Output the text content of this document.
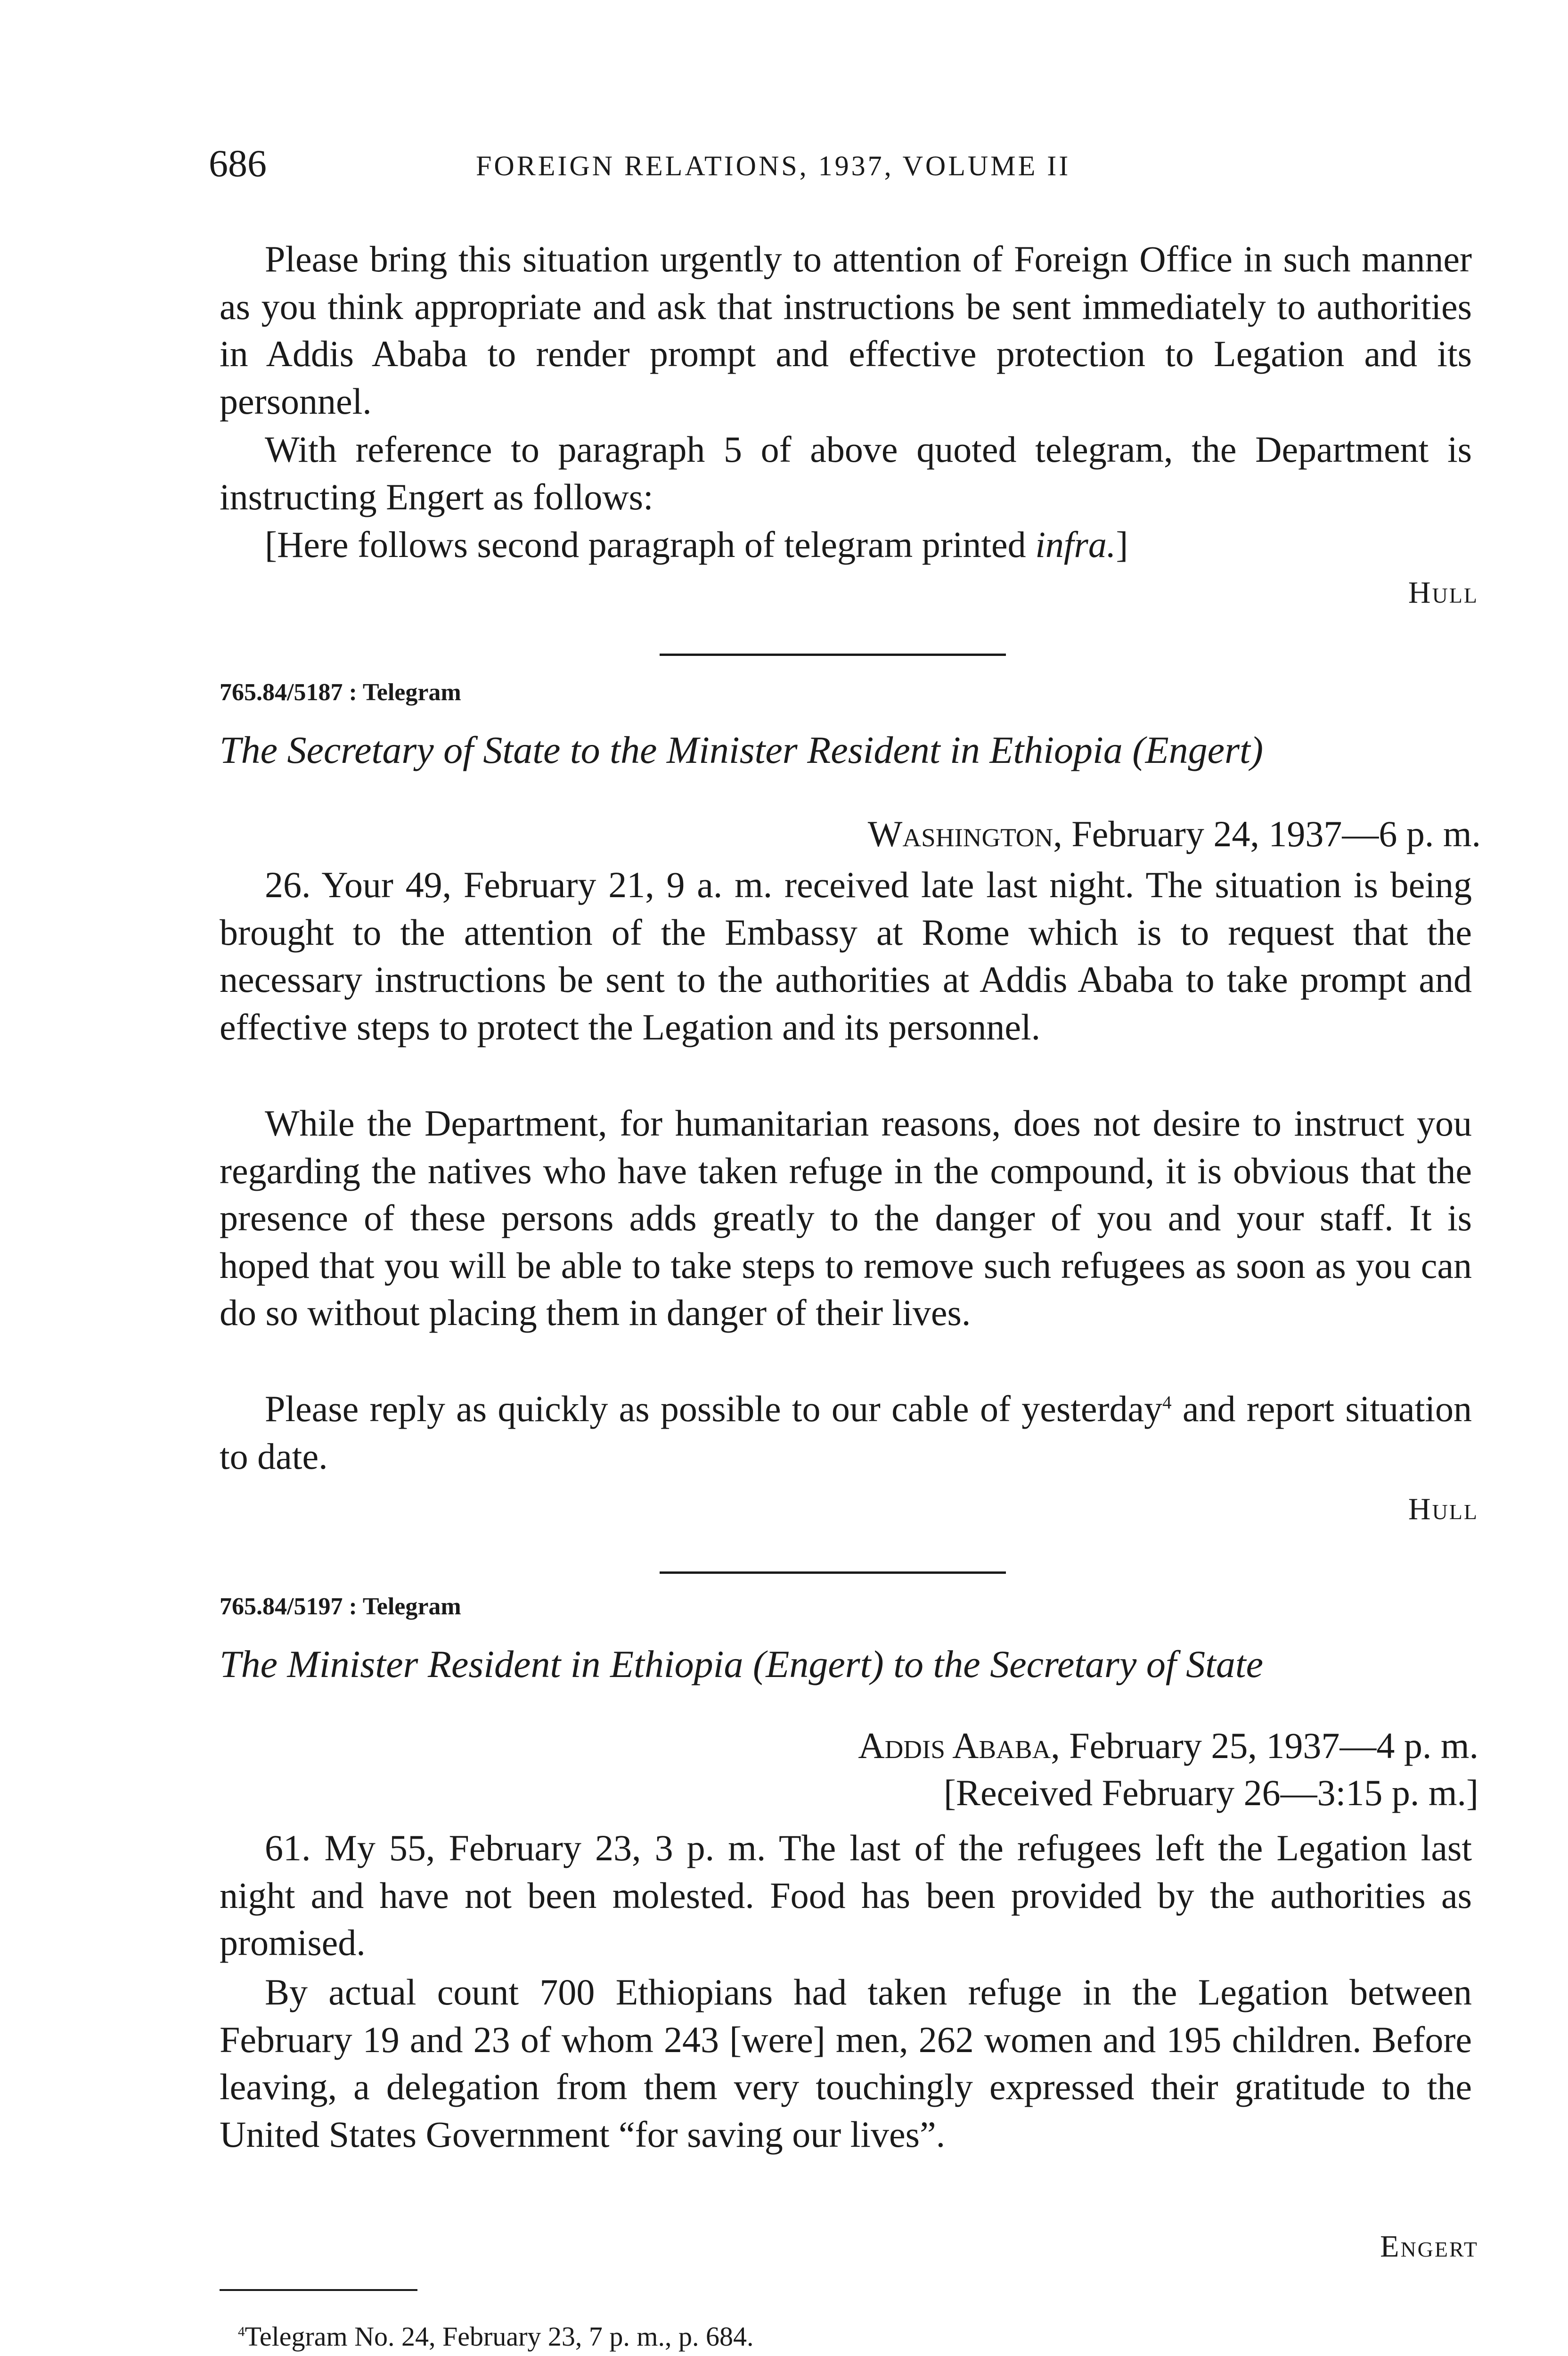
686	FOREIGN RELATIONS, 1937, VOLUME II
Please bring this situation urgently to attention of Foreign Office in such manner as you think appropriate and ask that instructions be sent immediately to authorities in Addis Ababa to render prompt and effective protection to Legation and its personnel.
With reference to paragraph 5 of above quoted telegram, the Department is instructing Engert as follows:
[Here follows second paragraph of telegram printed infra.]
Hull
765.84/5187 : Telegram
The Secretary of State to the Minister Resident in Ethiopia (Engert)
Washington, February 24, 1937—6 p. m.
26. Your 49, February 21, 9 a. m. received late last night. The situation is being brought to the attention of the Embassy at Rome which is to request that the necessary instructions be sent to the authorities at Addis Ababa to take prompt and effective steps to protect the Legation and its personnel.
While the Department, for humanitarian reasons, does not desire to instruct you regarding the natives who have taken refuge in the compound, it is obvious that the presence of these persons adds greatly to the danger of you and your staff. It is hoped that you will be able to take steps to remove such refugees as soon as you can do so without placing them in danger of their lives.
Please reply as quickly as possible to our cable of yesterday$^4$ and report situation to date.
Hull
765.84/5197 : Telegram
The Minister Resident in Ethiopia (Engert) to the Secretary of State
Addis Ababa, February 25, 1937—4 p. m.
[Received February 26—3:15 p. m.]
61. My 55, February 23, 3 p. m. The last of the refugees left the Legation last night and have not been molested. Food has been provided by the authorities as promised.
By actual count 700 Ethiopians had taken refuge in the Legation between February 19 and 23 of whom 243 [were] men, 262 women and 195 children. Before leaving, a delegation from them very touchingly expressed their gratitude to the United States Government “for saving our lives”.
Engert
$^4$Telegram No. 24, February 23, 7 p. m., p. 684.
